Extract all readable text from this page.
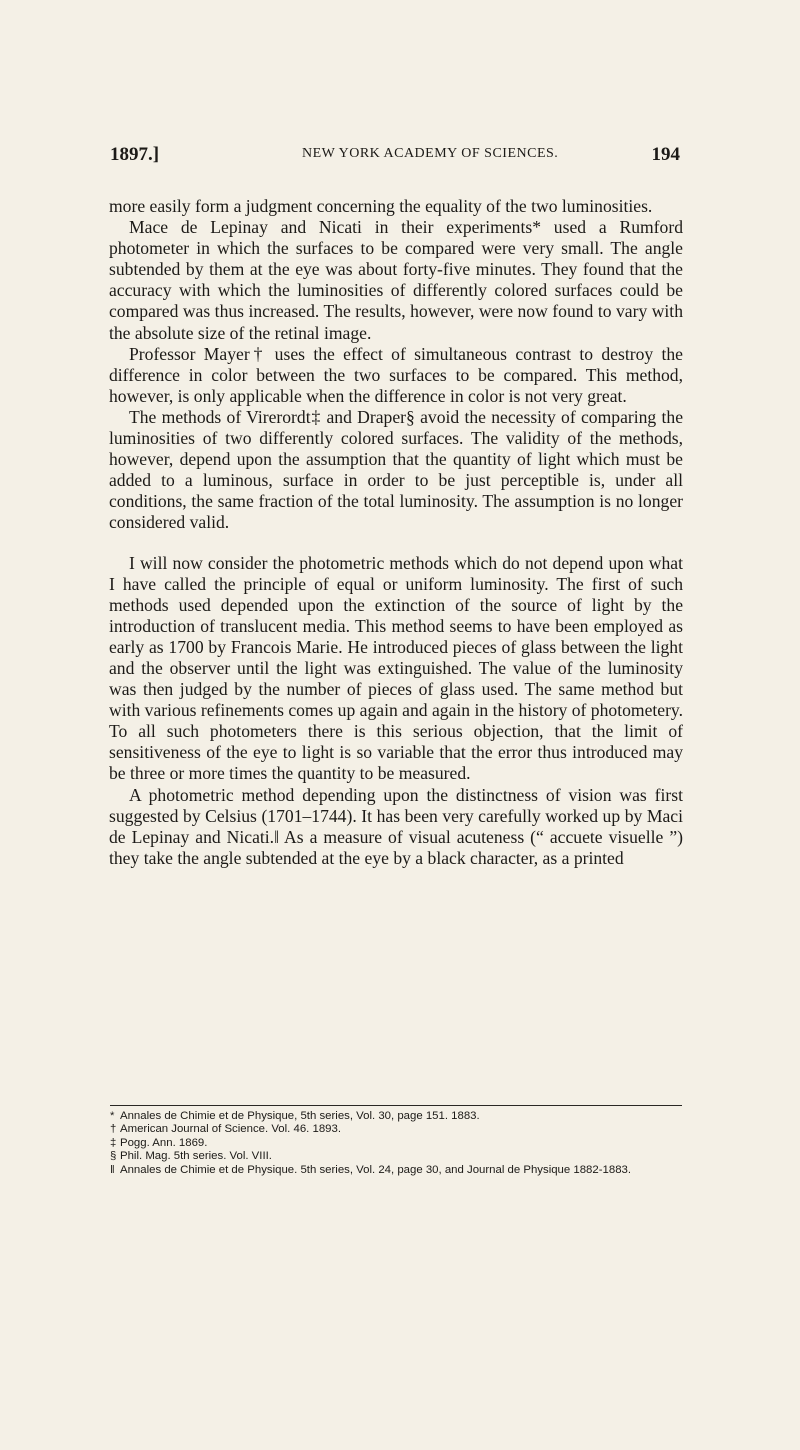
1897.]	NEW YORK ACADEMY OF SCIENCES.	194

more easily form a judgment concerning the equality of the two luminosities.

Mace de Lepinay and Nicati in their experiments* used a Rumford photometer in which the surfaces to be compared were very small. The angle subtended by them at the eye was about forty-five minutes. They found that the accuracy with which the luminosities of differently colored surfaces could be compared was thus increased. The results, however, were now found to vary with the absolute size of the retinal image.

Professor Mayer† uses the effect of simultaneous contrast to destroy the difference in color between the two surfaces to be compared. This method, however, is only applicable when the difference in color is not very great.

The methods of Virerordt‡ and Draper§ avoid the necessity of comparing the luminosities of two differently colored surfaces. The validity of the methods, however, depend upon the assumption that the quantity of light which must be added to a luminous, surface in order to be just perceptible is, under all conditions, the same fraction of the total luminosity. The assumption is no longer considered valid.

I will now consider the photometric methods which do not depend upon what I have called the principle of equal or uniform luminosity. The first of such methods used depended upon the extinction of the source of light by the introduction of translucent media. This method seems to have been employed as early as 1700 by Francois Marie. He introduced pieces of glass between the light and the observer until the light was extinguished. The value of the luminosity was then judged by the number of pieces of glass used. The same method but with various refinements comes up again and again in the history of photometery. To all such photometers there is this serious objection, that the limit of sensitiveness of the eye to light is so variable that the error thus introduced may be three or more times the quantity to be measured.

A photometric method depending upon the distinctness of vision was first suggested by Celsius (1701–1744). It has been very carefully worked up by Maci de Lepinay and Nicati.‖ As a measure of visual acuteness (“ accuete visuelle ”) they take the angle subtended at the eye by a black character, as a printed

* Annales de Chimie et de Physique, 5th series, Vol. 30, page 151. 1883.
† American Journal of Science. Vol. 46. 1893.
‡ Pogg. Ann. 1869.
§ Phil. Mag. 5th series. Vol. VIII.
‖ Annales de Chimie et de Physique. 5th series, Vol. 24, page 30, and Journal de Physique 1882-1883.
